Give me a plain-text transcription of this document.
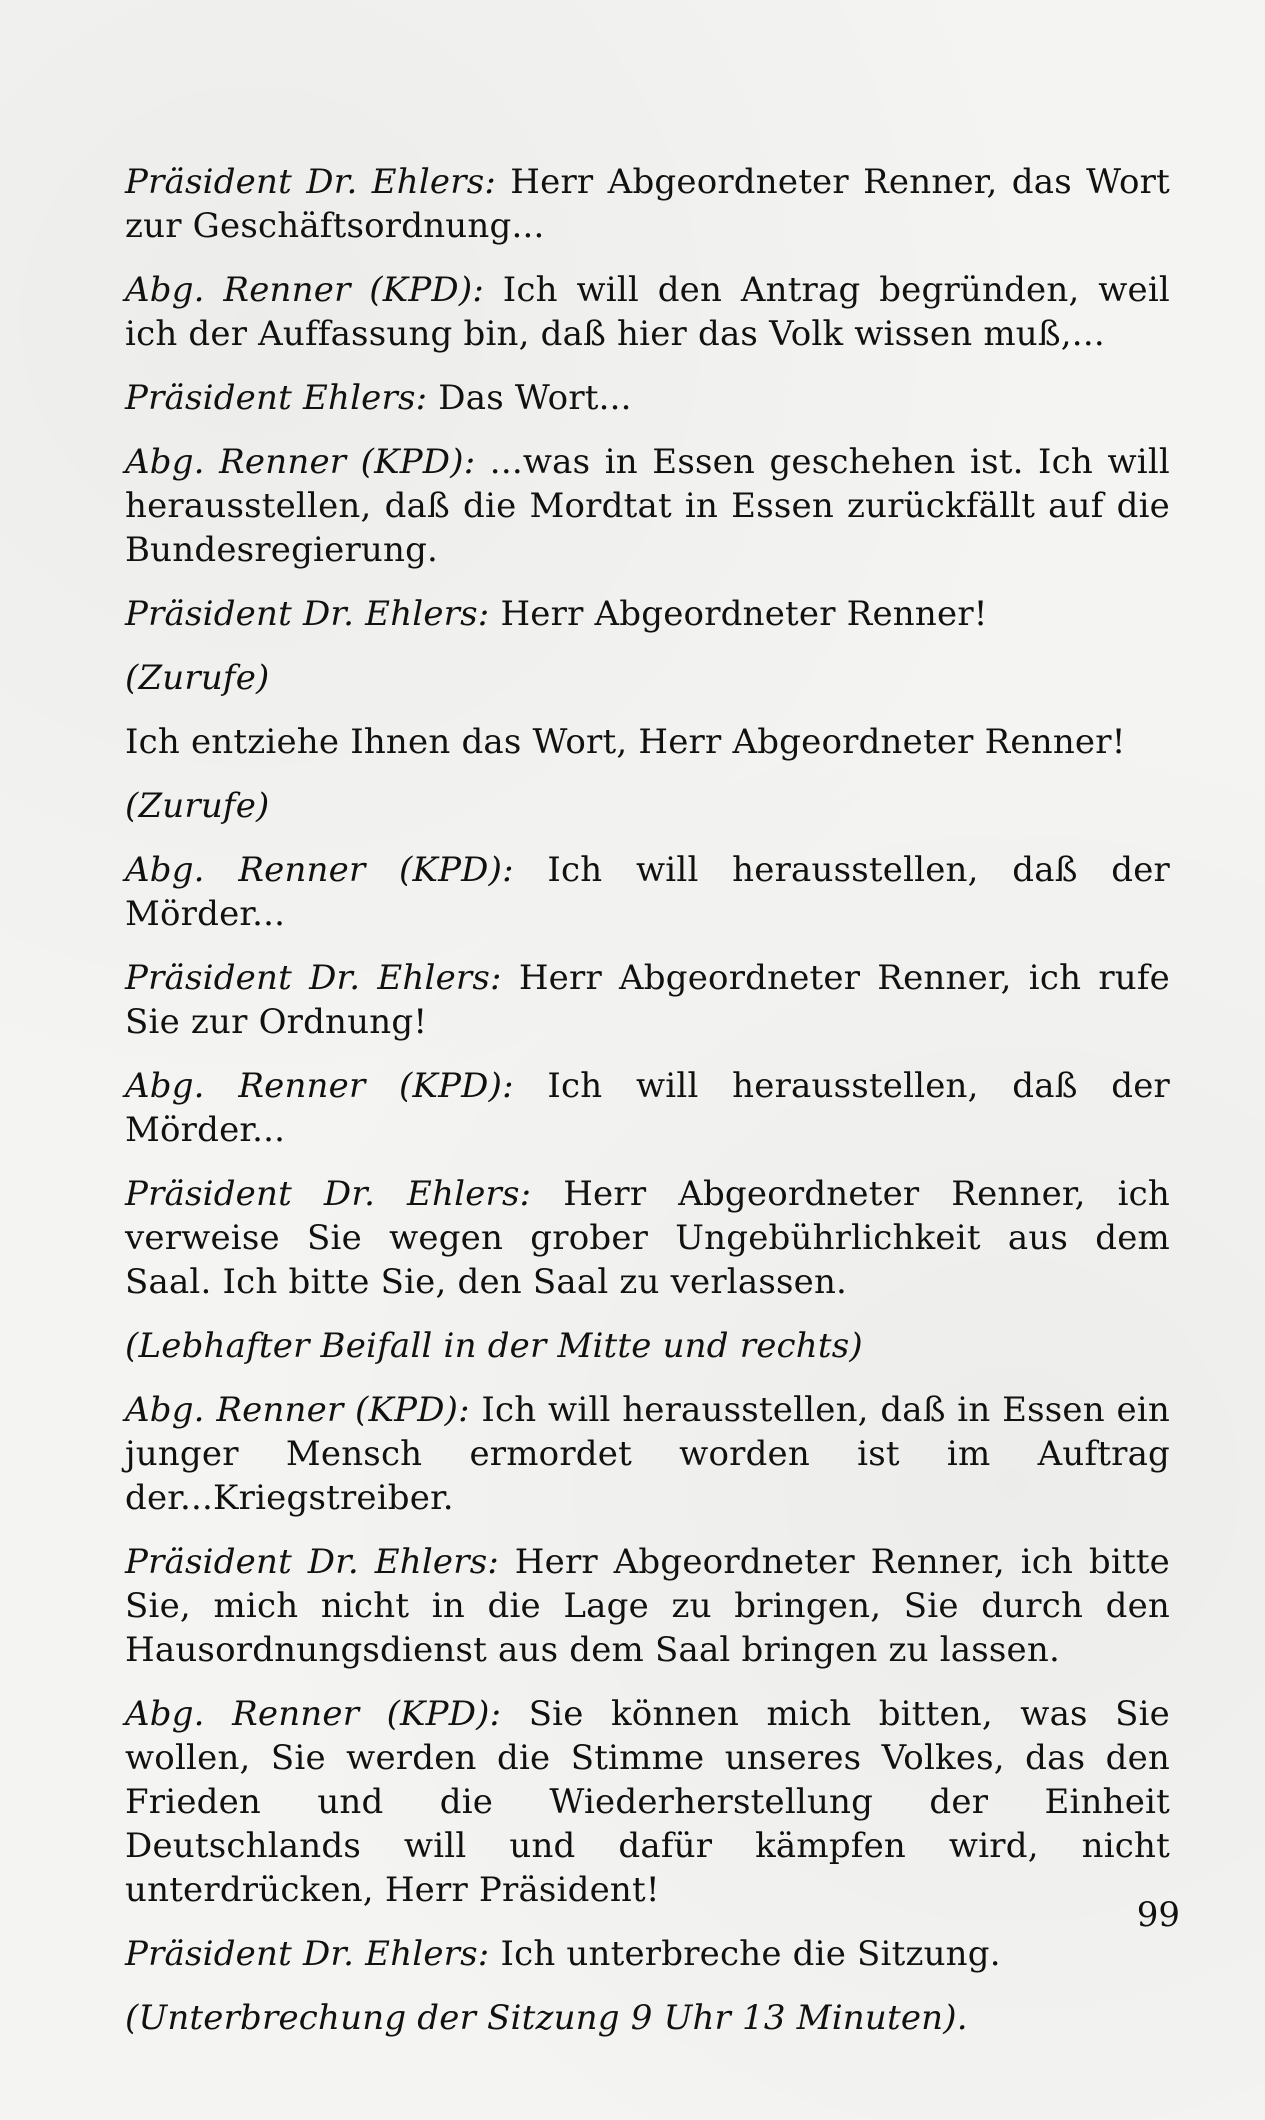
Präsident Dr. Ehlers: Herr Abgeordneter Renner, das Wort zur Geschäftsordnung...

Abg. Renner (KPD): Ich will den Antrag begründen, weil ich der Auffassung bin, daß hier das Volk wissen muß,...

Präsident Ehlers: Das Wort...

Abg. Renner (KPD): ...was in Essen geschehen ist. Ich will herausstellen, daß die Mordtat in Essen zurückfällt auf die Bundesregierung.

Präsident Dr. Ehlers: Herr Abgeordneter Renner!

(Zurufe)

Ich entziehe Ihnen das Wort, Herr Abgeordneter Renner!

(Zurufe)

Abg. Renner (KPD): Ich will herausstellen, daß der Mörder...

Präsident Dr. Ehlers: Herr Abgeordneter Renner, ich rufe Sie zur Ordnung!

Abg. Renner (KPD): Ich will herausstellen, daß der Mörder...

Präsident Dr. Ehlers: Herr Abgeordneter Renner, ich verweise Sie wegen grober Ungebührlichkeit aus dem Saal. Ich bitte Sie, den Saal zu verlassen.

(Lebhafter Beifall in der Mitte und rechts)

Abg. Renner (KPD): Ich will herausstellen, daß in Essen ein junger Mensch ermordet worden ist im Auftrag der...Kriegstreiber.

Präsident Dr. Ehlers: Herr Abgeordneter Renner, ich bitte Sie, mich nicht in die Lage zu bringen, Sie durch den Hausordnungsdienst aus dem Saal bringen zu lassen.

Abg. Renner (KPD): Sie können mich bitten, was Sie wollen, Sie werden die Stimme unseres Volkes, das den Frieden und die Wiederherstellung der Einheit Deutschlands will und dafür kämpfen wird, nicht unterdrücken, Herr Präsident!

Präsident Dr. Ehlers: Ich unterbreche die Sitzung.

(Unterbrechung der Sitzung 9 Uhr 13 Minuten).

99
